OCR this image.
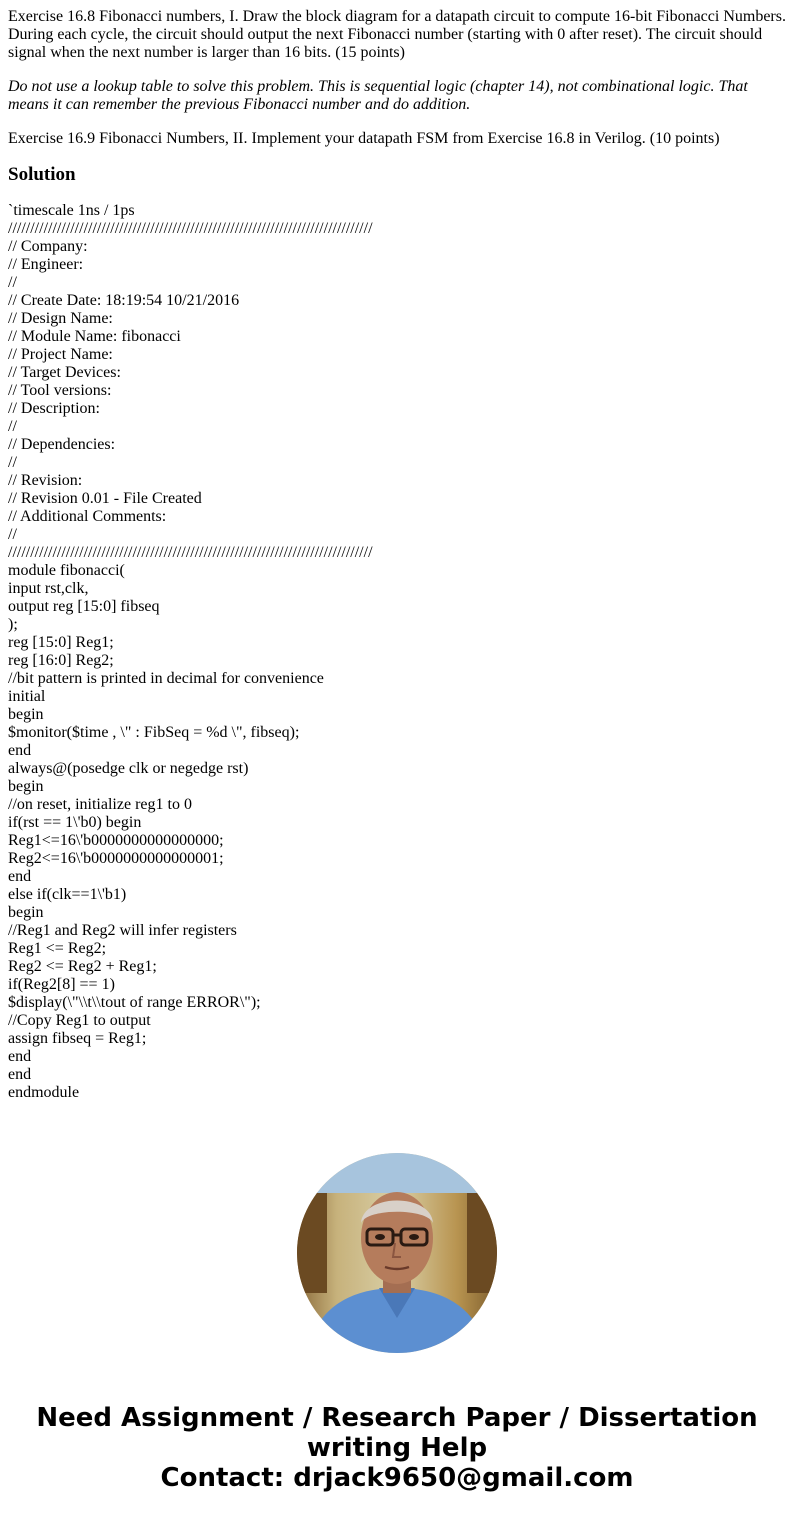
Exercise 16.8 Fibonacci numbers, I. Draw the block diagram for a datapath circuit to compute 16-bit Fibonacci Numbers. During each cycle, the circuit should output the next Fibonacci number (starting with 0 after reset). The circuit should signal when the next number is larger than 16 bits. (15 points)

Do not use a lookup table to solve this problem. This is sequential logic (chapter 14), not combinational logic. That means it can remember the previous Fibonacci number and do addition.

Exercise 16.9 Fibonacci Numbers, II. Implement your datapath FSM from Exercise 16.8 in Verilog. (10 points)

Solution
`timescale 1ns / 1ps
//////////////////////////////////////////////////////////////////////////////////
// Company:
// Engineer:
//
// Create Date: 18:19:54 10/21/2016
// Design Name:
// Module Name: fibonacci
// Project Name:
// Target Devices:
// Tool versions:
// Description:
//
// Dependencies:
//
// Revision:
// Revision 0.01 - File Created
// Additional Comments:
//
//////////////////////////////////////////////////////////////////////////////////
module fibonacci(
input rst,clk,
output reg [15:0] fibseq
);
reg [15:0] Reg1;
reg [16:0] Reg2;
//bit pattern is printed in decimal for convenience
initial
begin
$monitor($time , \" : FibSeq = %d \", fibseq);
end
always@(posedge clk or negedge rst)
begin
//on reset, initialize reg1 to 0
if(rst == 1\'b0) begin
Reg1<=16\'b0000000000000000;
Reg2<=16\'b0000000000000001;
end
else if(clk==1\'b1)
begin
//Reg1 and Reg2 will infer registers
Reg1 <= Reg2;
Reg2 <= Reg2 + Reg1;
if(Reg2[8] == 1)
$display(\"\\t\\tout of range ERROR\");
//Copy Reg1 to output
assign fibseq = Reg1;
end
end
endmodule
Need Assignment / Research Paper / Dissertation
writing Help
Contact: drjack9650@gmail.com
